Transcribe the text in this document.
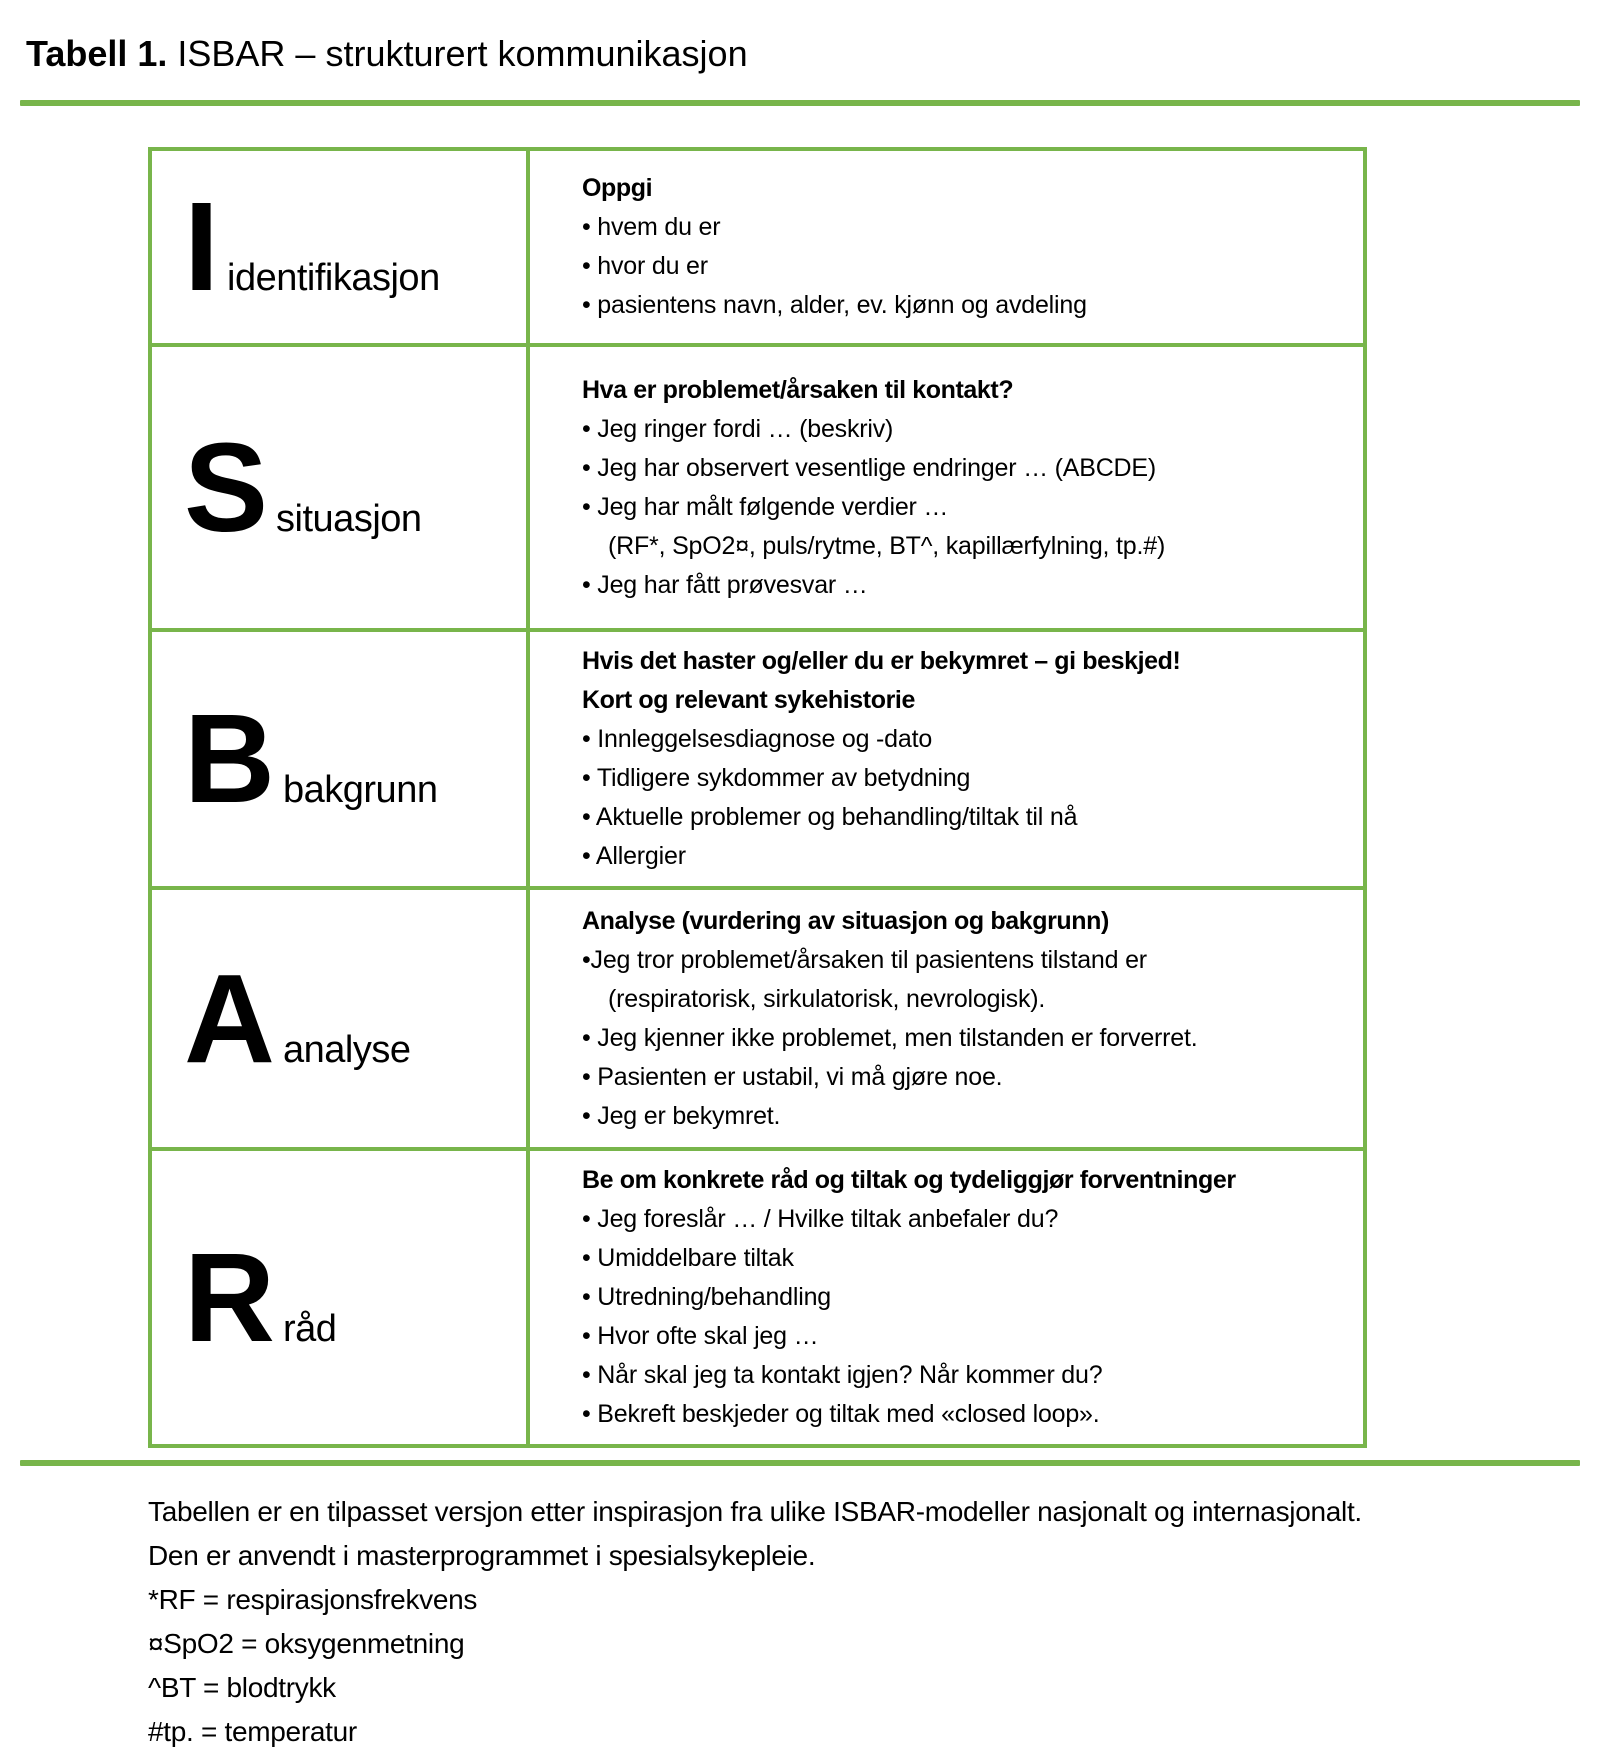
Tabell 1. ISBAR – strukturert kommunikasjon
I identifikasjon

Oppgi
• hvem du er
• hvor du er
• pasientens navn, alder, ev. kjønn og avdeling

S situasjon

Hva er problemet/årsaken til kontakt?
• Jeg ringer fordi … (beskriv)
• Jeg har observert vesentlige endringer … (ABCDE)
• Jeg har målt følgende verdier …
(RF*, SpO2¤, puls/rytme, BT^, kapillærfylning, tp.#)
• Jeg har fått prøvesvar …

B bakgrunn

Hvis det haster og/eller du er bekymret – gi beskjed!
Kort og relevant sykehistorie
• Innleggelsesdiagnose og -dato
• Tidligere sykdommer av betydning
• Aktuelle problemer og behandling/tiltak til nå
• Allergier

A analyse

Analyse (vurdering av situasjon og bakgrunn)
•Jeg tror problemet/årsaken til pasientens tilstand er
(respiratorisk, sirkulatorisk, nevrologisk).
• Jeg kjenner ikke problemet, men tilstanden er forverret.
• Pasienten er ustabil, vi må gjøre noe.
• Jeg er bekymret.

R råd

Be om konkrete råd og tiltak og tydeliggjør forventninger
• Jeg foreslår … / Hvilke tiltak anbefaler du?
• Umiddelbare tiltak
• Utredning/behandling
• Hvor ofte skal jeg …
• Når skal jeg ta kontakt igjen? Når kommer du?
• Bekreft beskjeder og tiltak med «closed loop».
Tabellen er en tilpasset versjon etter inspirasjon fra ulike ISBAR-modeller nasjonalt og internasjonalt.
Den er anvendt i masterprogrammet i spesialsykepleie.
*RF = respirasjonsfrekvens
¤SpO2 = oksygenmetning
^BT = blodtrykk
#tp. = temperatur
